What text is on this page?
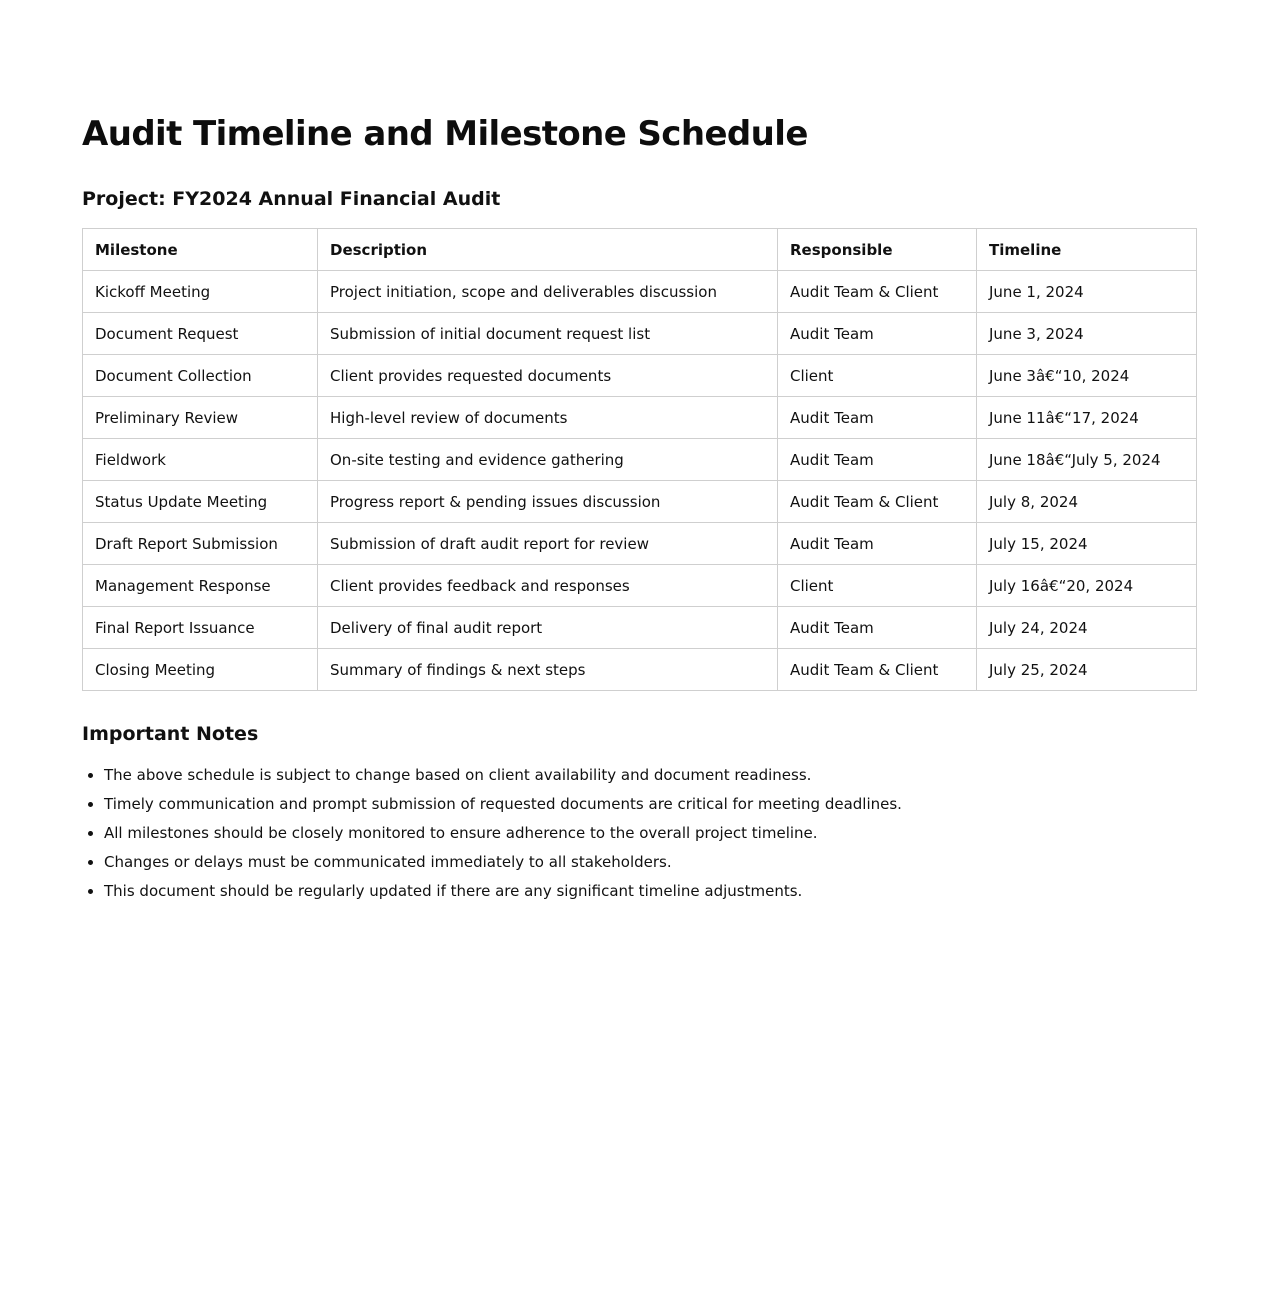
Audit Timeline and Milestone Schedule
Project: FY2024 Annual Financial Audit
Milestone	Description	Responsible	Timeline
Kickoff Meeting	Project initiation, scope and deliverables discussion	Audit Team & Client	June 1, 2024
Document Request	Submission of initial document request list	Audit Team	June 3, 2024
Document Collection	Client provides requested documents	Client	June 3â€“10, 2024
Preliminary Review	High-level review of documents	Audit Team	June 11â€“17, 2024
Fieldwork	On-site testing and evidence gathering	Audit Team	June 18â€“July 5, 2024
Status Update Meeting	Progress report & pending issues discussion	Audit Team & Client	July 8, 2024
Draft Report Submission	Submission of draft audit report for review	Audit Team	July 15, 2024
Management Response	Client provides feedback and responses	Client	July 16â€“20, 2024
Final Report Issuance	Delivery of final audit report	Audit Team	July 24, 2024
Closing Meeting	Summary of findings & next steps	Audit Team & Client	July 25, 2024
Important Notes
• The above schedule is subject to change based on client availability and document readiness.
• Timely communication and prompt submission of requested documents are critical for meeting deadlines.
• All milestones should be closely monitored to ensure adherence to the overall project timeline.
• Changes or delays must be communicated immediately to all stakeholders.
• This document should be regularly updated if there are any significant timeline adjustments.
